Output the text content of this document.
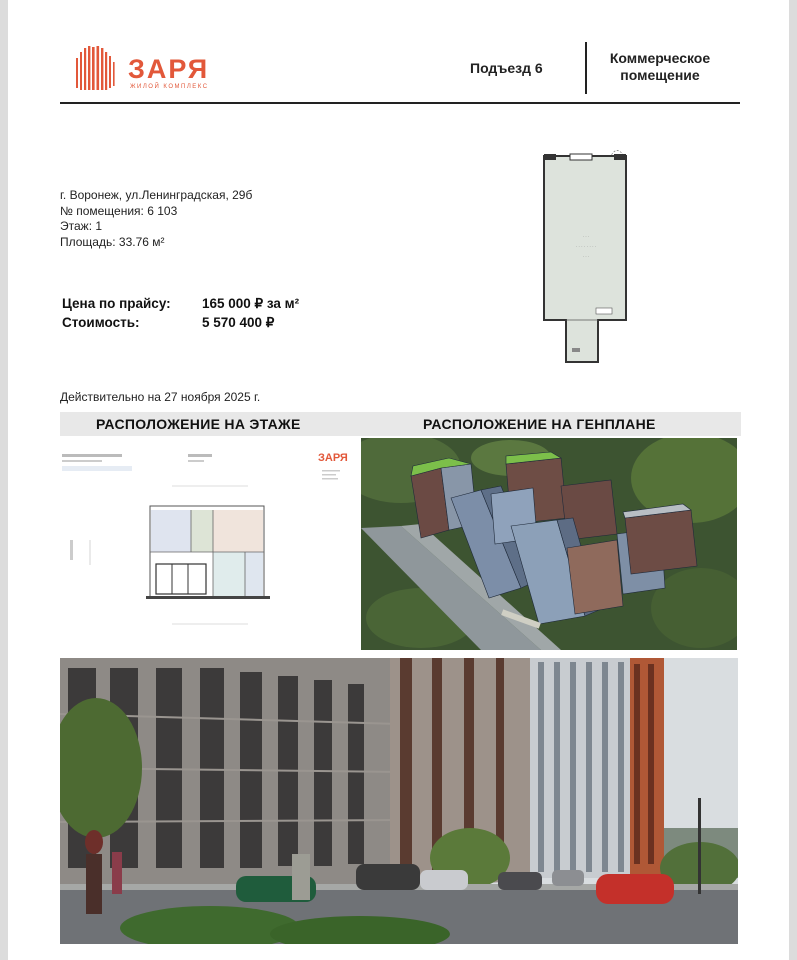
ЗАРЯ
ЖИЛОЙ КОМПЛЕКС
Подъезд 6
Коммерческое помещение
г. Воронеж, ул.Ленинградская, 29б
№ помещения: 6 103
Этаж: 1
Площадь: 33.76 м²
Цена по прайсу: 165 000 ₽ за м²
Стоимость:	5 570 400 ₽
· · ·
· · · · · · · ·
· · ·
Действительно на 27 ноября 2025 г.
РАСПОЛОЖЕНИЕ НА ЭТАЖЕ	РАСПОЛОЖЕНИЕ НА ГЕНПЛАНЕ
ЗАРЯ
